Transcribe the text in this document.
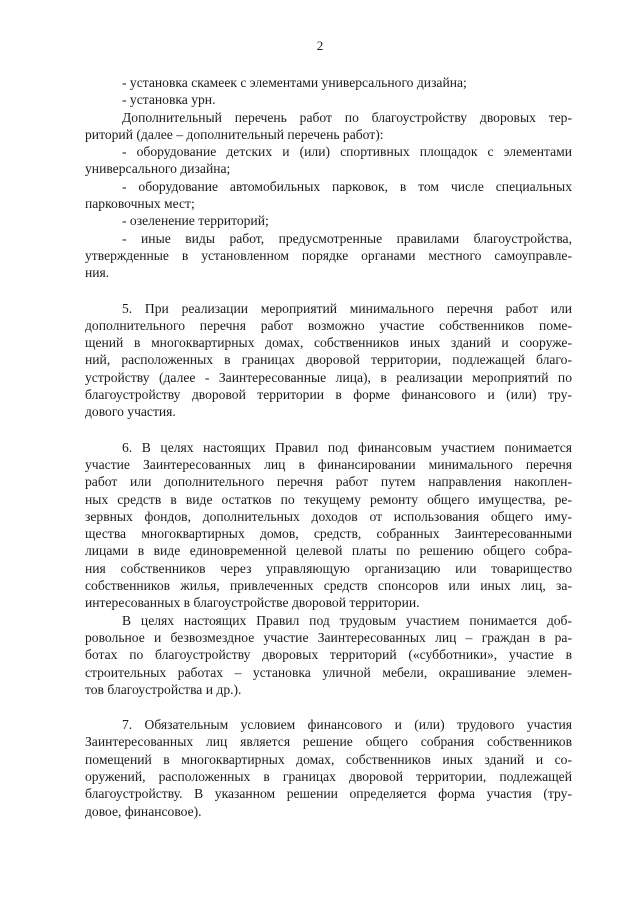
2
- установка скамеек с элементами универсального дизайна;
- установка урн.
Дополнительный перечень работ по благоустройству дворовых тер-
риторий (далее – дополнительный перечень работ):
- оборудование детских и (или) спортивных площадок с элементами
универсального дизайна;
- оборудование автомобильных парковок, в том числе специальных
парковочных мест;
- озеленение территорий;
- иные виды работ, предусмотренные правилами благоустройства,
утвержденные в установленном порядке органами местного самоуправле-
ния.
5. При реализации мероприятий минимального перечня работ или
дополнительного перечня работ возможно участие собственников поме-
щений в многоквартирных домах, собственников иных зданий и сооруже-
ний, расположенных в границах дворовой территории, подлежащей благо-
устройству (далее - Заинтересованные лица), в реализации мероприятий по
благоустройству дворовой территории в форме финансового и (или) тру-
дового участия.
6. В целях настоящих Правил под финансовым участием понимается
участие Заинтересованных лиц в финансировании минимального перечня
работ или дополнительного перечня работ путем направления накоплен-
ных средств в виде остатков по текущему ремонту общего имущества, ре-
зервных фондов, дополнительных доходов от использования общего иму-
щества многоквартирных домов, средств, собранных Заинтересованными
лицами в виде единовременной целевой платы по решению общего собра-
ния собственников через управляющую организацию или товарищество
собственников жилья, привлеченных средств спонсоров или иных лиц, за-
интересованных в благоустройстве дворовой территории.
В целях настоящих Правил под трудовым участием понимается доб-
ровольное и безвозмездное участие Заинтересованных лиц – граждан в ра-
ботах по благоустройству дворовых территорий («субботники», участие в
строительных работах – установка уличной мебели, окрашивание элемен-
тов благоустройства и др.).
7. Обязательным условием финансового и (или) трудового участия
Заинтересованных лиц является решение общего собрания собственников
помещений в многоквартирных домах, собственников иных зданий и со-
оружений, расположенных в границах дворовой территории, подлежащей
благоустройству. В указанном решении определяется форма участия (тру-
довое, финансовое).
